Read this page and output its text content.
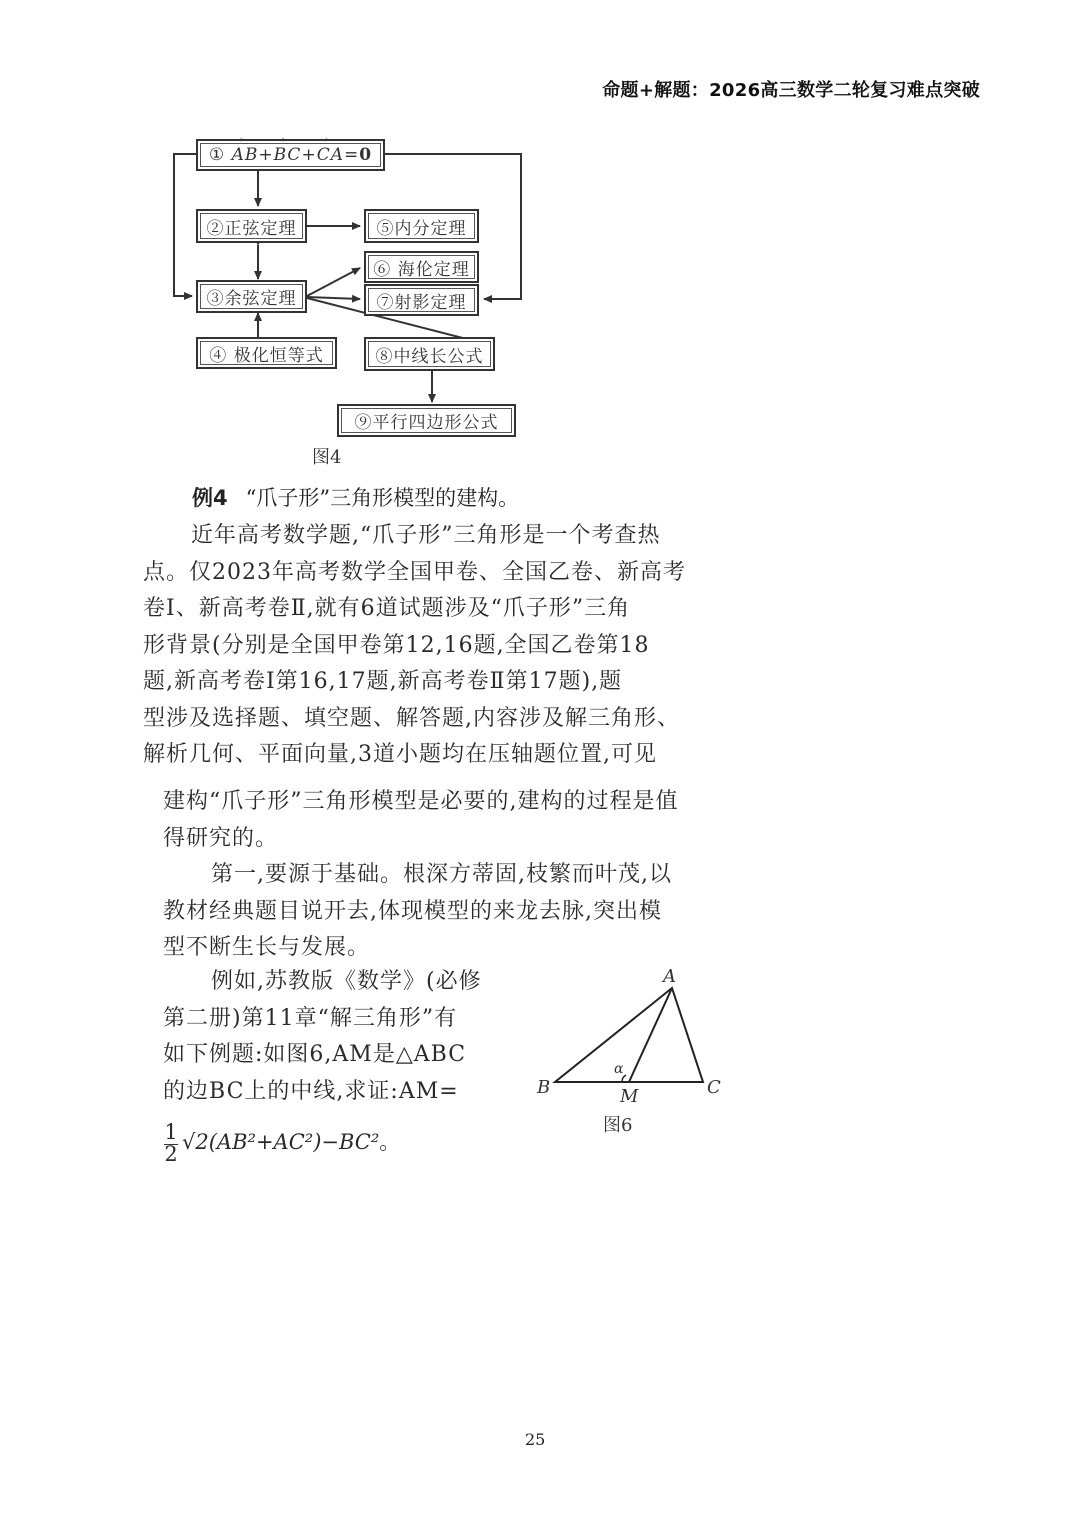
命题+解题：2026高三数学二轮复习难点突破
①
→ AB + → BC + → CA = 0
②正弦定理	⑤内分定理
⑥ 海伦定理
③余弦定理	⑦射影定理
④ 极化恒等式	⑧中线长公式
⑨平行四边形公式
图4
例4 “爪子形”三角形模型的建构。

近年高考数学题,“爪子形”三角形是一个考查热

点。仅2023年高考数学全国甲卷、全国乙卷、新高考

卷Ⅰ、新高考卷Ⅱ,就有6道试题涉及“爪子形”三角

形背景(分别是全国甲卷第12,16题,全国乙卷第18

题,新高考卷Ⅰ第16,17题,新高考卷Ⅱ第17题),题

型涉及选择题、填空题、解答题,内容涉及解三角形、

解析几何、平面向量,3道小题均在压轴题位置,可见

建构“爪子形”三角形模型是必要的,建构的过程是值

得研究的。

第一,要源于基础。根深方蒂固,枝繁而叶茂,以

教材经典题目说开去,体现模型的来龙去脉,突出模

型不断生长与发展。

例如,苏教版《数学》(必修

第二册)第11章“解三角形”有

如下例题:如图6,AM是△ABC

的边BC上的中线,求证:AM=

1
2 √2(AB²+AC²)−BC²。
A
B	C
M
α
图6
25
